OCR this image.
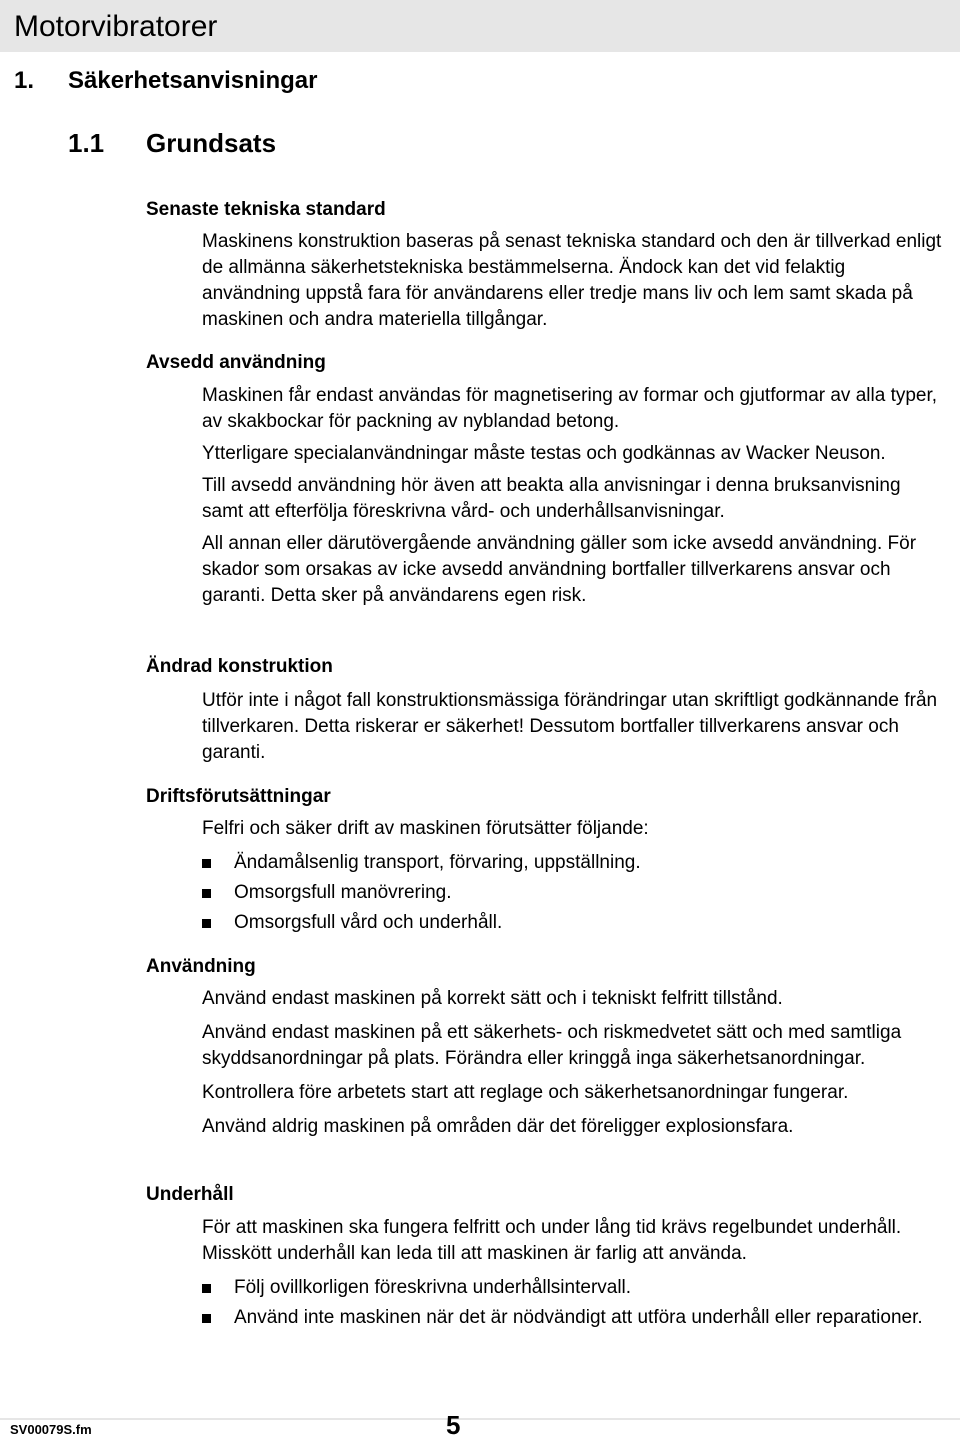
Motorvibratorer
1. Säkerhetsanvisningar
1.1 Grundsats
Senaste tekniska standard

Maskinens konstruktion baseras på senast tekniska standard och den är tillverkad enligt de allmänna säkerhetstekniska bestämmelserna. Ändock kan det vid felaktig användning uppstå fara för användarens eller tredje mans liv och lem samt skada på maskinen och andra materiella tillgångar.

Avsedd användning

Maskinen får endast användas för magnetisering av formar och gjutformar av alla typer, av skakbockar för packning av nyblandad betong.

Ytterligare specialanvändningar måste testas och godkännas av Wacker Neuson.

Till avsedd användning hör även att beakta alla anvisningar i denna bruksanvisning samt att efterfölja föreskrivna vård- och underhållsanvisningar.

All annan eller därutövergående användning gäller som icke avsedd användning. För skador som orsakas av icke avsedd användning bortfaller tillverkarens ansvar och garanti. Detta sker på användarens egen risk.

Ändrad konstruktion

Utför inte i något fall konstruktionsmässiga förändringar utan skriftligt godkännande från tillverkaren. Detta riskerar er säkerhet! Dessutom bortfaller tillverkarens ansvar och garanti.

Driftsförutsättningar

Felfri och säker drift av maskinen förutsätter följande:

Ändamålsenlig transport, förvaring, uppställning.
Omsorgsfull manövrering.
Omsorgsfull vård och underhåll.
Användning

Använd endast maskinen på korrekt sätt och i tekniskt felfritt tillstånd.

Använd endast maskinen på ett säkerhets- och riskmedvetet sätt och med samtliga skyddsanordningar på plats. Förändra eller kringgå inga säkerhetsanordningar.

Kontrollera före arbetets start att reglage och säkerhetsanordningar fungerar.

Använd aldrig maskinen på områden där det föreligger explosionsfara.

Underhåll

För att maskinen ska fungera felfritt och under lång tid krävs regelbundet underhåll. Misskött underhåll kan leda till att maskinen är farlig att använda.

Följ ovillkorligen föreskrivna underhållsintervall.
Använd inte maskinen när det är nödvändigt att utföra underhåll eller reparationer.
SV00079S.fm	5
